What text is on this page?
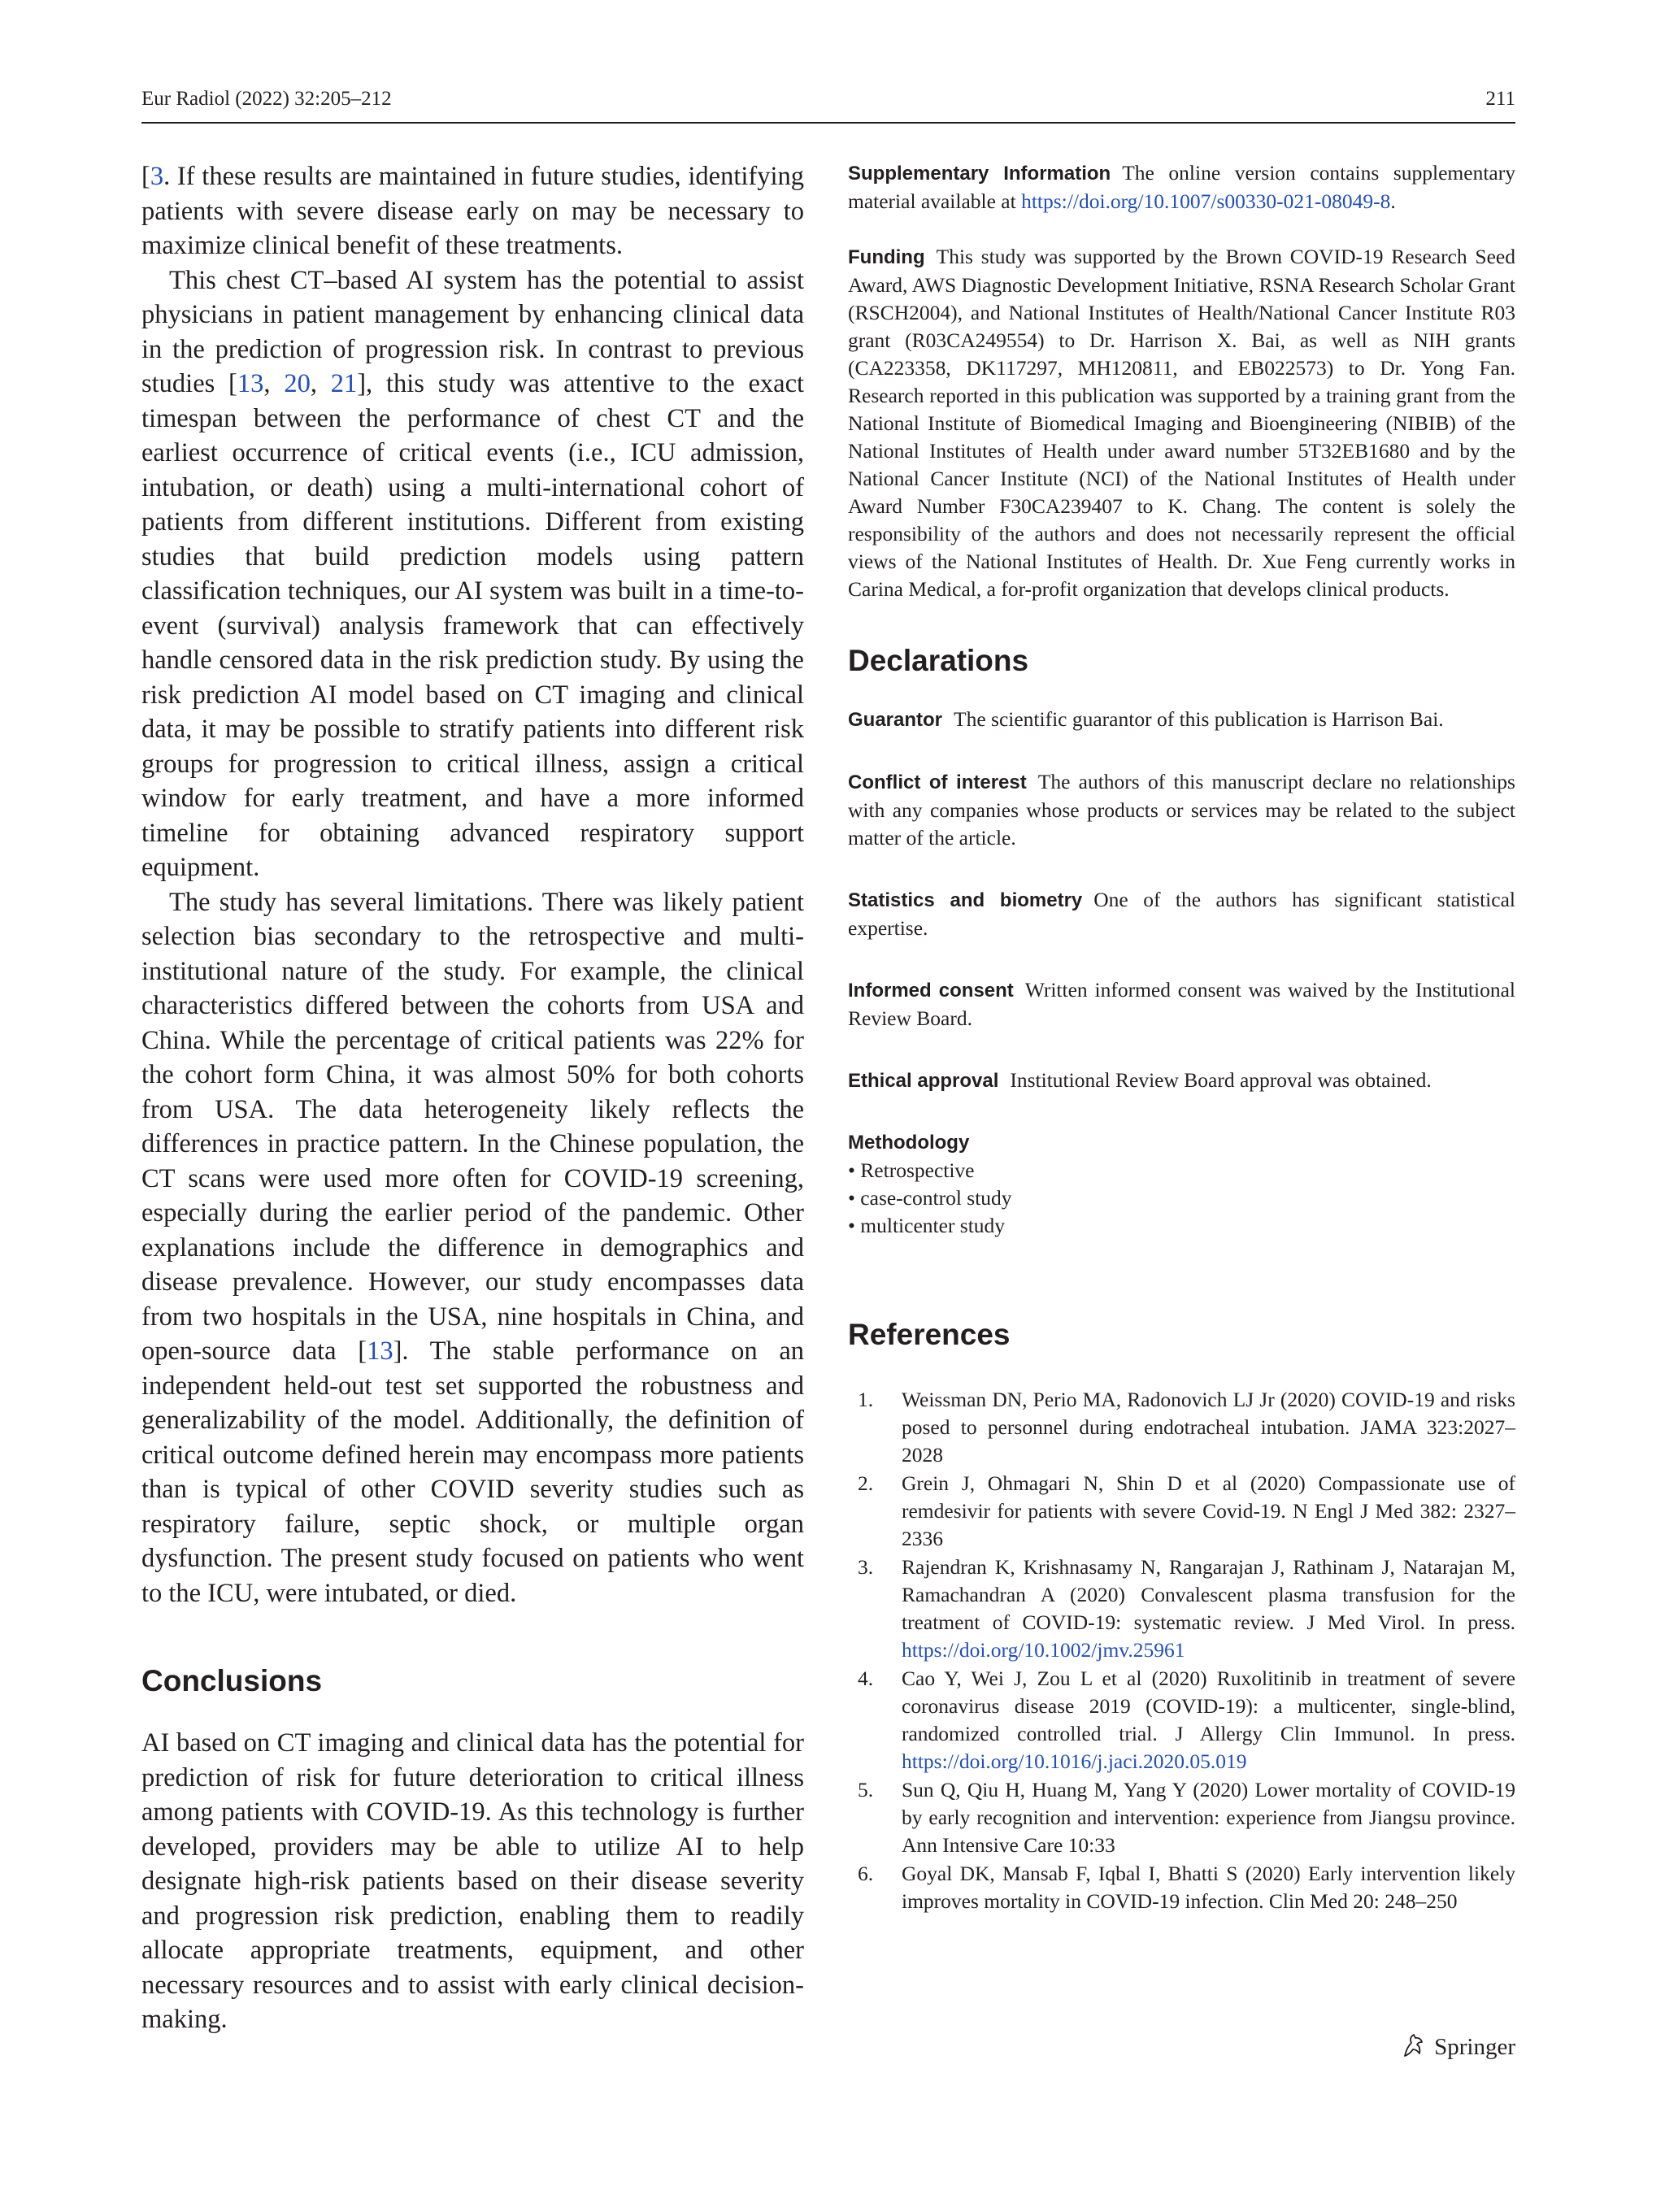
Eur Radiol (2022) 32:205–212	211

[3. If these results are maintained in future studies, identifying patients with severe disease early on may be necessary to maximize clinical benefit of these treatments.

This chest CT–based AI system has the potential to assist physicians in patient management by enhancing clinical data in the prediction of progression risk. In contrast to previous studies [13, 20, 21], this study was attentive to the exact timespan between the performance of chest CT and the earliest occurrence of critical events (i.e., ICU admission, intubation, or death) using a multi-international cohort of patients from different institutions. Different from existing studies that build prediction models using pattern classification techniques, our AI system was built in a time-to-event (survival) analysis framework that can effectively handle censored data in the risk prediction study. By using the risk prediction AI model based on CT imaging and clinical data, it may be possible to stratify patients into different risk groups for progression to critical illness, assign a critical window for early treatment, and have a more informed timeline for obtaining advanced respiratory support equipment.

The study has several limitations. There was likely patient selection bias secondary to the retrospective and multi-institutional nature of the study. For example, the clinical characteristics differed between the cohorts from USA and China. While the percentage of critical patients was 22% for the cohort form China, it was almost 50% for both cohorts from USA. The data heterogeneity likely reflects the differences in practice pattern. In the Chinese population, the CT scans were used more often for COVID-19 screening, especially during the earlier period of the pandemic. Other explanations include the difference in demographics and disease prevalence. However, our study encompasses data from two hospitals in the USA, nine hospitals in China, and open-source data [13]. The stable performance on an independent held-out test set supported the robustness and generalizability of the model. Additionally, the definition of critical outcome defined herein may encompass more patients than is typical of other COVID severity studies such as respiratory failure, septic shock, or multiple organ dysfunction. The present study focused on patients who went to the ICU, were intubated, or died.

Conclusions

AI based on CT imaging and clinical data has the potential for prediction of risk for future deterioration to critical illness among patients with COVID-19. As this technology is further developed, providers may be able to utilize AI to help designate high-risk patients based on their disease severity and progression risk prediction, enabling them to readily allocate appropriate treatments, equipment, and other necessary resources and to assist with early clinical decision-making.

Supplementary Information The online version contains supplementary material available at https://doi.org/10.1007/s00330-021-08049-8.
Funding This study was supported by the Brown COVID-19 Research Seed Award, AWS Diagnostic Development Initiative, RSNA Research Scholar Grant (RSCH2004), and National Institutes of Health/National Cancer Institute R03 grant (R03CA249554) to Dr. Harrison X. Bai, as well as NIH grants (CA223358, DK117297, MH120811, and EB022573) to Dr. Yong Fan. Research reported in this publication was supported by a training grant from the National Institute of Biomedical Imaging and Bioengineering (NIBIB) of the National Institutes of Health under award number 5T32EB1680 and by the National Cancer Institute (NCI) of the National Institutes of Health under Award Number F30CA239407 to K. Chang. The content is solely the responsibility of the authors and does not necessarily represent the official views of the National Institutes of Health. Dr. Xue Feng currently works in Carina Medical, a for-profit organization that develops clinical products.
Declarations
Guarantor The scientific guarantor of this publication is Harrison Bai.
Conflict of interest The authors of this manuscript declare no relationships with any companies whose products or services may be related to the subject matter of the article.
Statistics and biometry One of the authors has significant statistical expertise.
Informed consent Written informed consent was waived by the Institutional Review Board.
Ethical approval Institutional Review Board approval was obtained.
Methodology
• Retrospective
• case-control study
• multicenter study
References
1. Weissman DN, Perio MA, Radonovich LJ Jr (2020) COVID-19 and risks posed to personnel during endotracheal intubation. JAMA 323:2027–2028
2. Grein J, Ohmagari N, Shin D et al (2020) Compassionate use of remdesivir for patients with severe Covid-19. N Engl J Med 382: 2327–2336
3. Rajendran K, Krishnasamy N, Rangarajan J, Rathinam J, Natarajan M, Ramachandran A (2020) Convalescent plasma transfusion for the treatment of COVID-19: systematic review. J Med Virol. In press. https://doi.org/10.1002/jmv.25961
4. Cao Y, Wei J, Zou L et al (2020) Ruxolitinib in treatment of severe coronavirus disease 2019 (COVID-19): a multicenter, single-blind, randomized controlled trial. J Allergy Clin Immunol. In press. https://doi.org/10.1016/j.jaci.2020.05.019
5. Sun Q, Qiu H, Huang M, Yang Y (2020) Lower mortality of COVID-19 by early recognition and intervention: experience from Jiangsu province. Ann Intensive Care 10:33
6. Goyal DK, Mansab F, Iqbal I, Bhatti S (2020) Early intervention likely improves mortality in COVID-19 infection. Clin Med 20: 248–250
Springer
